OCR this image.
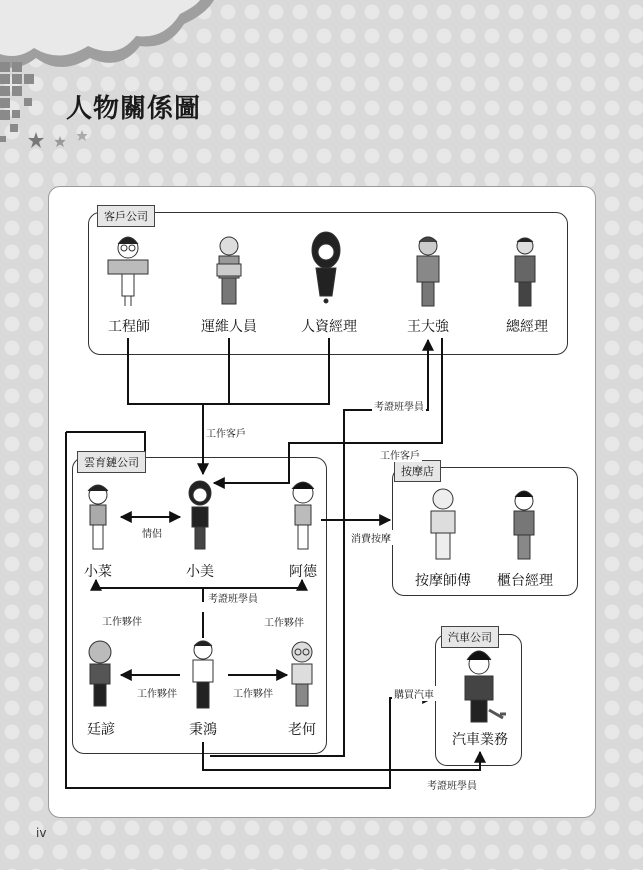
人物關係圖
客戶公司
雲育鏈公司
按摩店
汽車公司
工程師	運維人員	人資經理	王大強	總經理
小菜	小美	阿德
廷諺	秉鴻	老何
按摩師傅 櫃台經理
汽車業務
工作客戶
工作客戶
考證班學員
考證班學員
考證班學員
情侶
工作夥伴	工作夥伴
工作夥伴	工作夥伴
消費按摩
購買汽車
iv
